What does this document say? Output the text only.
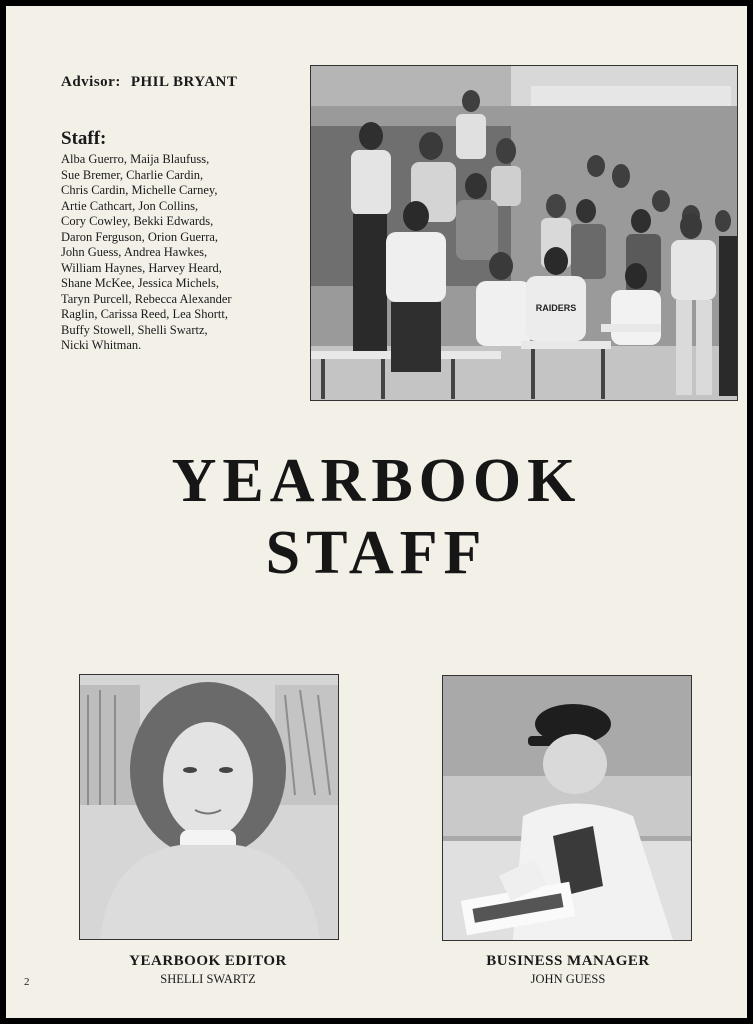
Advisor: PHIL BRYANT
Staff:
Alba Guerro, Maija Blaufuss,
Sue Bremer, Charlie Cardin,
Chris Cardin, Michelle Carney,
Artie Cathcart, Jon Collins,
Cory Cowley, Bekki Edwards,
Daron Ferguson, Orion Guerra,
John Guess, Andrea Hawkes,
William Haynes, Harvey Heard,
Shane McKee, Jessica Michels,
Taryn Purcell, Rebecca Alexander
Raglin, Carissa Reed, Lea Shortt,
Buffy Stowell, Shelli Swartz,
Nicki Whitman.
RAIDERS
YEARBOOK
STAFF
YEARBOOK EDITOR
SHELLI SWARTZ
BUSINESS MANAGER
JOHN GUESS
2
